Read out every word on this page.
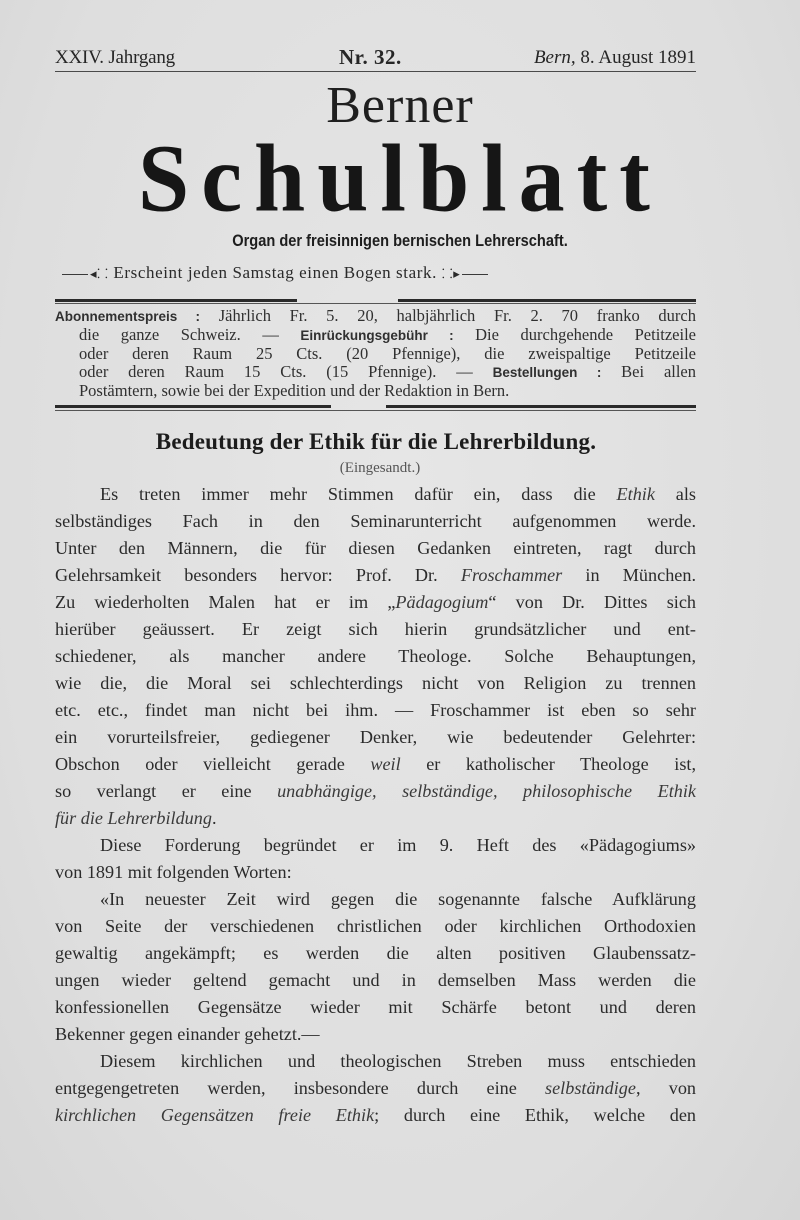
XXIV. Jahrgang	Nr. 32.	Bern, 8. August 1891
Berner
Schulblatt
Organ der freisinnigen bernischen Lehrerschaft.
◂⸬ Erscheint jeden Samstag einen Bogen stark. ⸬▸

Abonnementspreis : Jährlich Fr. 5. 20, halbjährlich Fr. 2. 70 franko durch

die ganze Schweiz. — Einrückungsgebühr : Die durchgehende Petitzeile

oder deren Raum 25 Cts. (20 Pfennige), die zweispaltige Petitzeile

oder deren Raum 15 Cts. (15 Pfennige). — Bestellungen : Bei allen

Postämtern, sowie bei der Expedition und der Redaktion in Bern.

Bedeutung der Ethik für die Lehrerbildung.
(Eingesandt.)
Es treten immer mehr Stimmen dafür ein, dass die Ethik als
selbständiges Fach in den Seminarunterricht aufgenommen werde.
Unter den Männern, die für diesen Gedanken eintreten, ragt durch
Gelehrsamkeit besonders hervor: Prof. Dr. Froschammer in München.
Zu wiederholten Malen hat er im „Pädagogium“ von Dr. Dittes sich
hierüber geäussert. Er zeigt sich hierin grundsätzlicher und ent-
schiedener, als mancher andere Theologe. Solche Behauptungen,
wie die, die Moral sei schlechterdings nicht von Religion zu trennen
etc. etc., findet man nicht bei ihm. — Froschammer ist eben so sehr
ein vorurteilsfreier, gediegener Denker, wie bedeutender Gelehrter:
Obschon oder vielleicht gerade weil er katholischer Theologe ist,
so verlangt er eine unabhängige, selbständige, philosophische Ethik
für die Lehrerbildung.
Diese Forderung begründet er im 9. Heft des «Pädagogiums»
von 1891 mit folgenden Worten:
«In neuester Zeit wird gegen die sogenannte falsche Aufklärung
von Seite der verschiedenen christlichen oder kirchlichen Orthodoxien
gewaltig angekämpft; es werden die alten positiven Glaubenssatz-
ungen wieder geltend gemacht und in demselben Mass werden die
konfessionellen Gegensätze wieder mit Schärfe betont und deren
Bekenner gegen einander gehetzt.—
Diesem kirchlichen und theologischen Streben muss entschieden
entgegengetreten werden, insbesondere durch eine selbständige, von
kirchlichen Gegensätzen freie Ethik; durch eine Ethik, welche den
